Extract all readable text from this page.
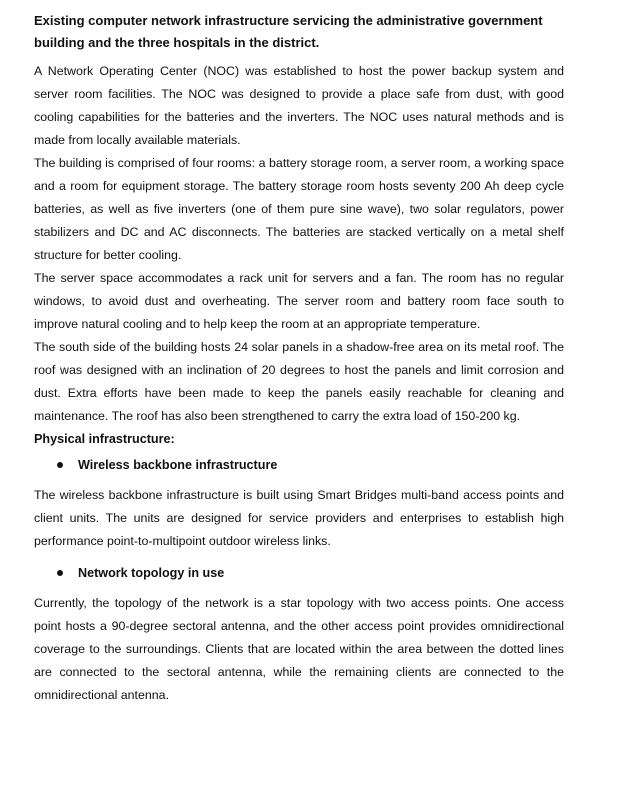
Existing computer network infrastructure servicing the administrative government building and the three hospitals in the district.

A Network Operating Center (NOC) was established to host the power backup system and server room facilities. The NOC was designed to provide a place safe from dust, with good cooling capabilities for the batteries and the inverters. The NOC uses natural methods and is made from locally available materials.

The building is comprised of four rooms: a battery storage room, a server room, a working space and a room for equipment storage. The battery storage room hosts seventy 200 Ah deep cycle batteries, as well as five inverters (one of them pure sine wave), two solar regulators, power stabilizers and DC and AC disconnects. The batteries are stacked vertically on a metal shelf structure for better cooling.

The server space accommodates a rack unit for servers and a fan. The room has no regular windows, to avoid dust and overheating. The server room and battery room face south to improve natural cooling and to help keep the room at an appropriate temperature.

The south side of the building hosts 24 solar panels in a shadow-free area on its metal roof. The roof was designed with an inclination of 20 degrees to host the panels and limit corrosion and dust. Extra efforts have been made to keep the panels easily reachable for cleaning and maintenance. The roof has also been strengthened to carry the extra load of 150-200 kg.

Physical infrastructure:

Wireless backbone infrastructure

The wireless backbone infrastructure is built using Smart Bridges multi-band access points and client units. The units are designed for service providers and enterprises to establish high performance point-to-multipoint outdoor wireless links.

Network topology in use

Currently, the topology of the network is a star topology with two access points. One access point hosts a 90-degree sectoral antenna, and the other access point provides omnidirectional coverage to the surroundings. Clients that are located within the area between the dotted lines are connected to the sectoral antenna, while the remaining clients are connected to the omnidirectional antenna.
